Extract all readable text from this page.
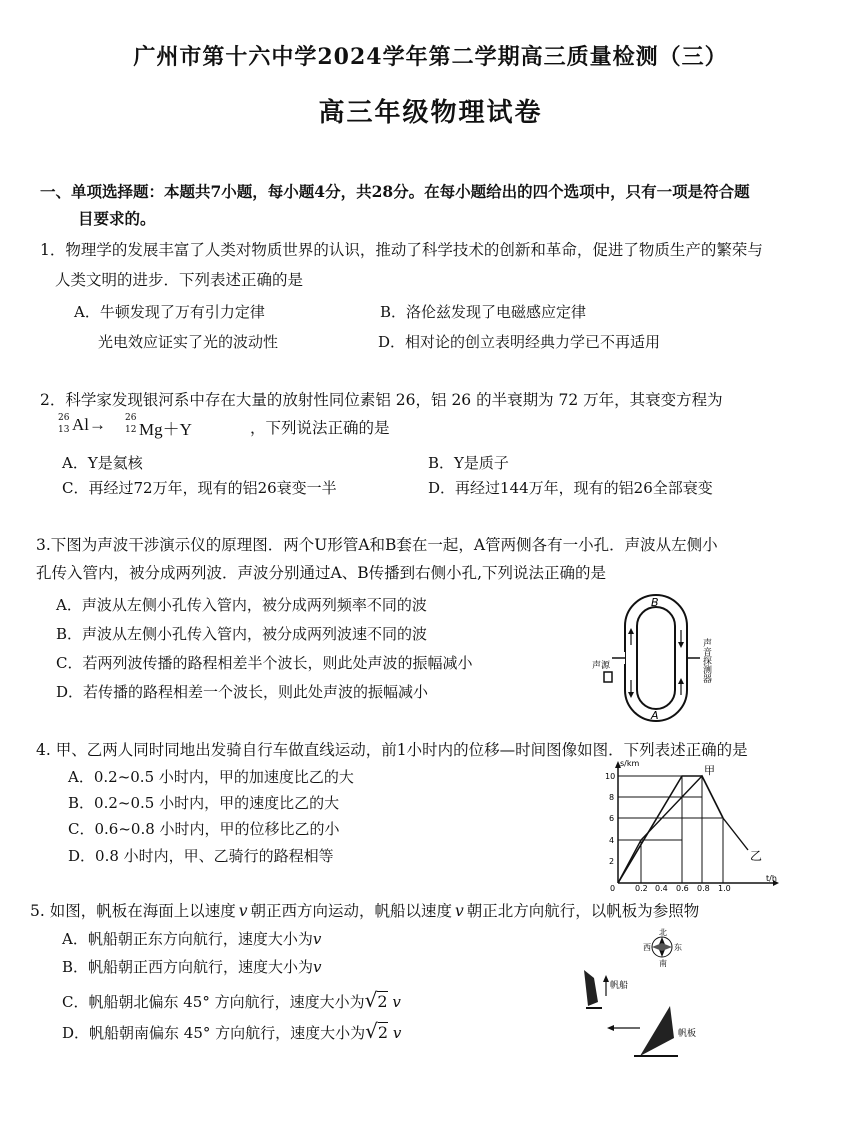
广州市第十六中学2024学年第二学期高三质量检测（三）
高三年级物理试卷
一、单项选择题：本题共7小题，每小题4分，共28分。在每小题给出的四个选项中，只有一项是符合题
目要求的。
1．物理学的发展丰富了人类对物质世界的认识，推动了科学技术的创新和革命，促进了物质生产的繁荣与
人类文明的进步．下列表述正确的是
A．牛顿发现了万有引力定律	B．洛伦兹发现了电磁感应定律
光电效应证实了光的波动性	D．相对论的创立表明经典力学已不再适用
2．科学家发现银河系中存在大量的放射性同位素铝 26，铝 26 的半衰期为 72 万年，其衰变方程为
26
13 Al→ 26
12 Mg＋Y	，下列说法正确的是
A．Y是氦核	B．Y是质子
C．再经过72万年，现有的铝26衰变一半	D．再经过144万年，现有的铝26全部衰变
3.下图为声波干涉演示仪的原理图．两个U形管A和B套在一起，A管两侧各有一小孔．声波从左侧小
孔传入管内，被分成两列波．声波分别通过A、B传播到右侧小孔,下列说法正确的是
A．声波从左侧小孔传入管内，被分成两列频率不同的波
B．声波从左侧小孔传入管内，被分成两列波速不同的波
C．若两列波传播的路程相差半个波长，则此处声波的振幅减小
D．若传播的路程相差一个波长，则此处声波的振幅减小
B
A
声源	声音探测器
4. 甲、乙两人同时同地出发骑自行车做直线运动，前1小时内的位移—时间图像如图．下列表述正确的是
A．0.2~0.5 小时内，甲的加速度比乙的大
B．0.2~0.5 小时内，甲的速度比乙的大
C．0.6~0.8 小时内，甲的位移比乙的小
D．0.8 小时内，甲、乙骑行的路程相等
s/km
t/h
10
8
6
4
2
0 0.2 0.4 0.6 0.8 1.0
甲
乙
5. 如图，帆板在海面上以速度 v 朝正西方向运动，帆船以速度 v 朝正北方向航行，以帆板为参照物
A．帆船朝正东方向航行，速度大小为v
B．帆船朝正西方向航行，速度大小为v
C．帆船朝北偏东 45° 方向航行，速度大小为√2 v
D．帆船朝南偏东 45° 方向航行，速度大小为√2 v
北
南
西	东
帆船
帆板
